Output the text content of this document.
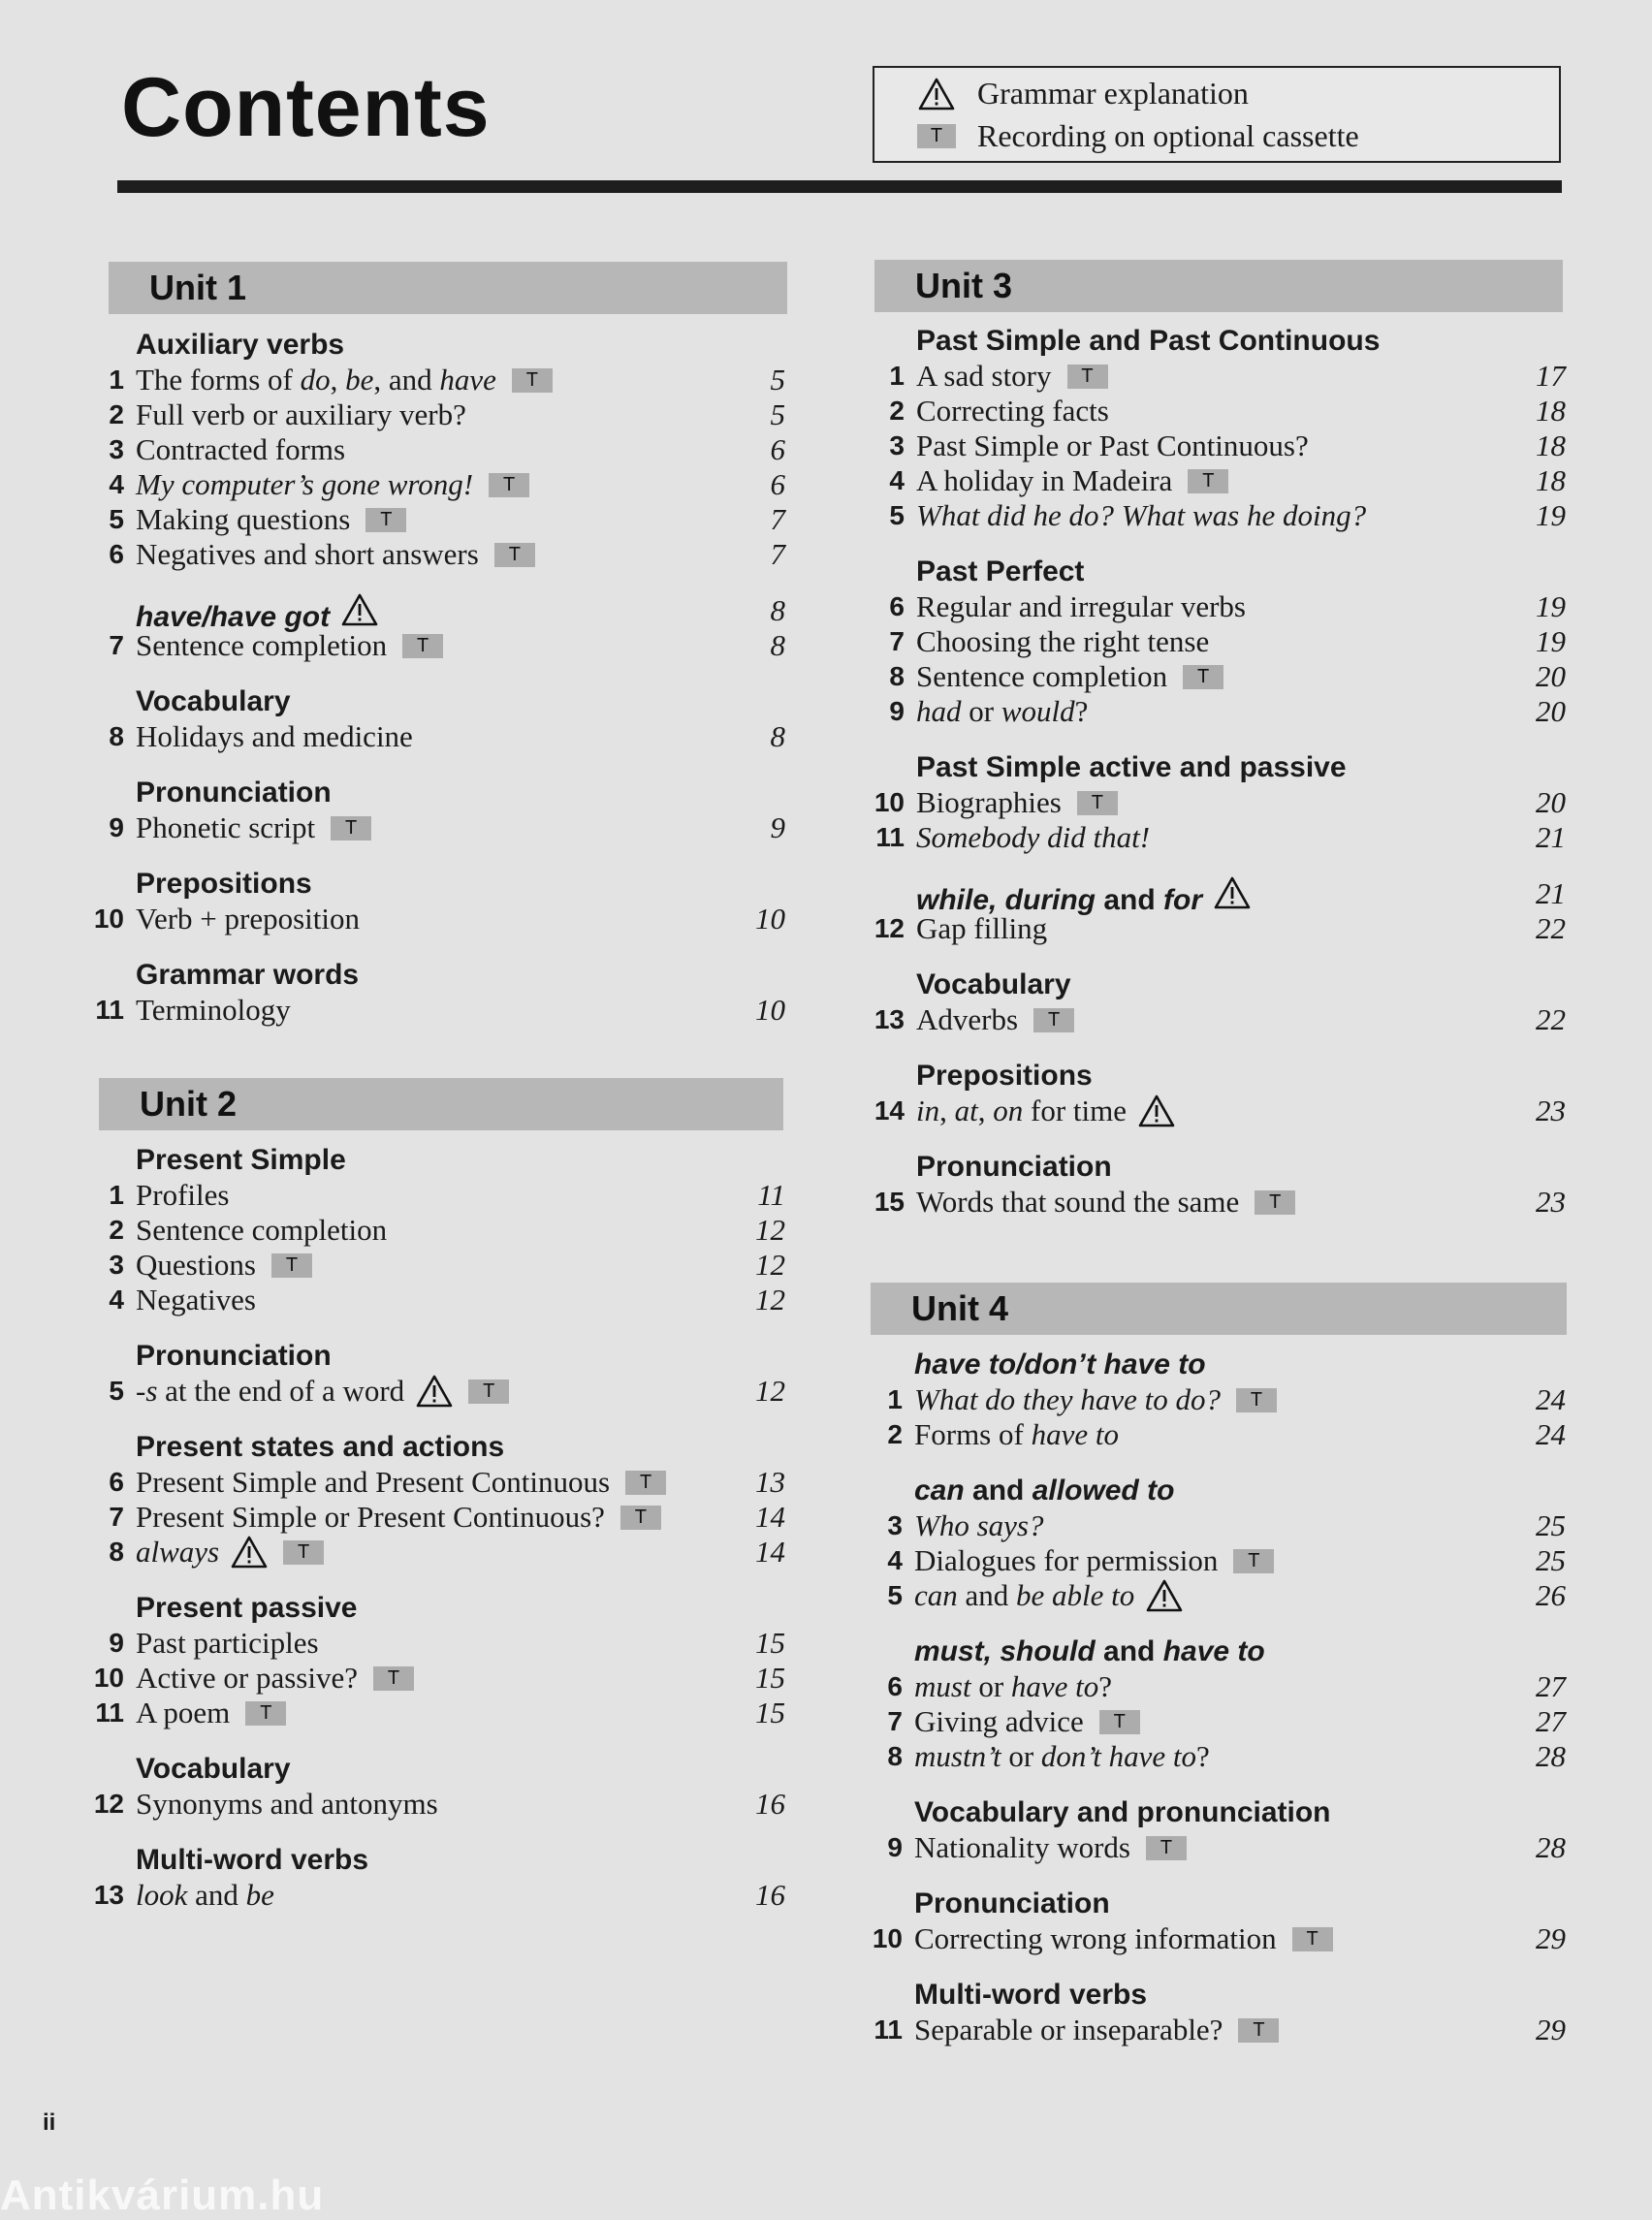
Contents	Grammar explanation
T	Recording on optional cassette
Unit 1
Auxiliary verbs
1 The forms of do, be, and have	T	5
2 Full verb or auxiliary verb?	5
3 Contracted forms	6
4 My computer’s gone wrong!	T	6
5 Making questions	T	7
6 Negatives and short answers	T	7
have/have got	8
7 Sentence completion	T	8
Vocabulary
8 Holidays and medicine	8
Pronunciation
9 Phonetic script	T	9
Prepositions
10 Verb + preposition	10
Grammar words
11 Terminology	10
Unit 2
Present Simple
1 Profiles	11
2 Sentence completion	12
3 Questions	T	12
4 Negatives	12
Pronunciation
5 -s at the end of a word	T	12
Present states and actions
6 Present Simple and Present Continuous	T	13
7 Present Simple or Present Continuous?	T	14
8 always	T	14
Present passive
9 Past participles	15
10 Active or passive?	T	15
11 A poem	T	15
Vocabulary
12 Synonyms and antonyms	16
Multi-word verbs
13 look and be	16
Unit 3
Past Simple and Past Continuous
1 A sad story	T	17
2 Correcting facts	18
3 Past Simple or Past Continuous?	18
4 A holiday in Madeira	T	18
5 What did he do? What was he doing?	19
Past Perfect
6 Regular and irregular verbs	19
7 Choosing the right tense	19
8 Sentence completion	T	20
9 had or would?	20
Past Simple active and passive
10 Biographies	T	20
11 Somebody did that!	21
while, during and for	21
12 Gap filling	22
Vocabulary
13 Adverbs	T	22
Prepositions
14 in, at, on for time	23
Pronunciation
15 Words that sound the same	T	23
Unit 4
have to/don’t have to
1 What do they have to do?	T	24
2 Forms of have to	24
can and allowed to
3 Who says?	25
4 Dialogues for permission	T	25
5 can and be able to	26
must, should and have to
6 must or have to?	27
7 Giving advice	T	27
8 mustn’t or don’t have to?	28
Vocabulary and pronunciation
9 Nationality words	T	28
Pronunciation
10 Correcting wrong information	T	29
Multi-word verbs
11 Separable or inseparable?	T	29
ii
Antikvárium.hu
